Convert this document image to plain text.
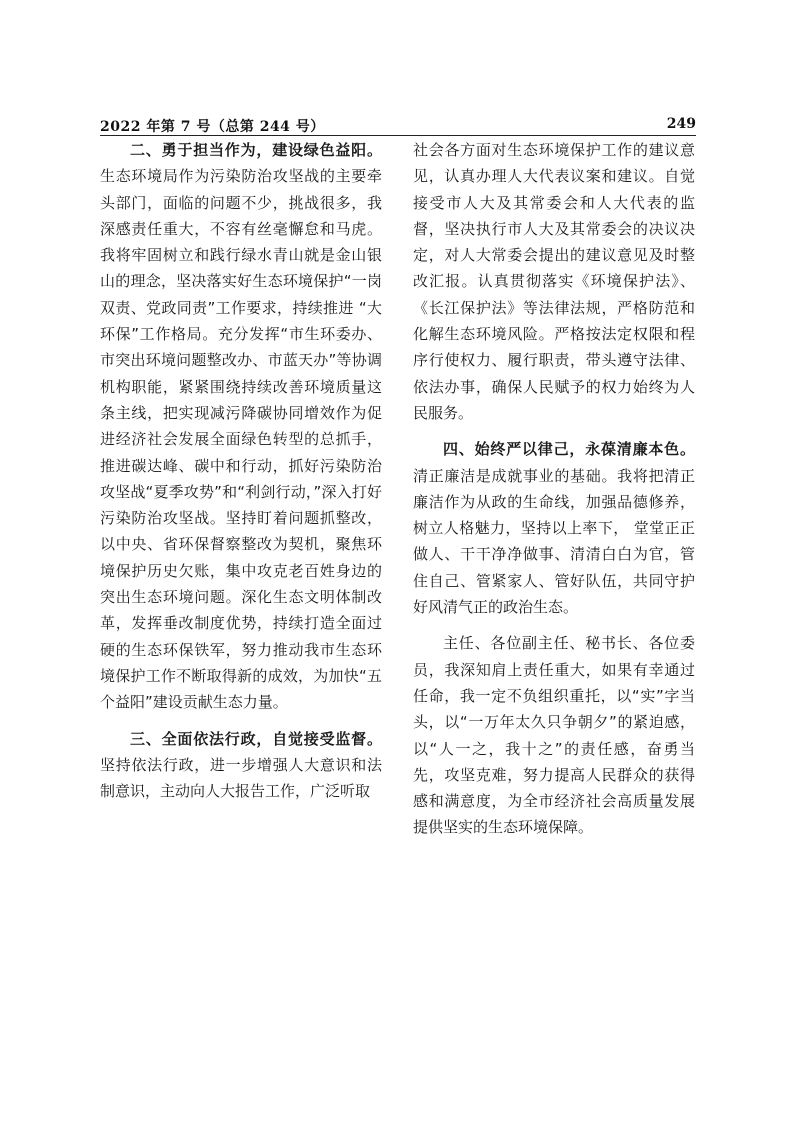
2022 年第 7 号（总第 244 号）	249

二、勇于担当作为，建设绿色益阳。生态环境局作为污染防治攻坚战的主要牵头部门，面临的问题不少，挑战很多，我深感责任重大，不容有丝毫懈怠和马虎。我将牢固树立和践行绿水青山就是金山银山的理念，坚决落实好生态环境保护“一岗双责、党政同责”工作要求，持续推进 “大环保”工作格局。充分发挥“市生环委办、市突出环境问题整改办、市蓝天办”等协调机构职能，紧紧围绕持续改善环境质量这条主线，把实现减污降碳协同增效作为促进经济社会发展全面绿色转型的总抓手，推进碳达峰、碳中和行动，抓好污染防治攻坚战“夏季攻势”和“利剑行动，”深入打好污染防治攻坚战。坚持盯着问题抓整改，以中央、省环保督察整改为契机，聚焦环境保护历史欠账，集中攻克老百姓身边的突出生态环境问题。深化生态文明体制改革，发挥垂改制度优势，持续打造全面过硬的生态环保铁军，努力推动我市生态环境保护工作不断取得新的成效，为加快“五个益阳”建设贡献生态力量。

三、全面依法行政，自觉接受监督。坚持依法行政，进一步增强人大意识和法制意识，主动向人大报告工作，广泛听取

社会各方面对生态环境保护工作的建议意见，认真办理人大代表议案和建议。自觉接受市人大及其常委会和人大代表的监督，坚决执行市人大及其常委会的决议决定，对人大常委会提出的建议意见及时整改汇报。认真贯彻落实《环境保护法》、《长江保护法》等法律法规，严格防范和化解生态环境风险。严格按法定权限和程序行使权力、履行职责，带头遵守法律、依法办事，确保人民赋予的权力始终为人民服务。

四、始终严以律己，永葆清廉本色。清正廉洁是成就事业的基础。我将把清正廉洁作为从政的生命线，加强品德修养，树立人格魅力，坚持以上率下， 堂堂正正做人、干干净净做事、清清白白为官，管住自己、管紧家人、管好队伍，共同守护好风清气正的政治生态。

主任、各位副主任、秘书长、各位委员，我深知肩上责任重大，如果有幸通过任命，我一定不负组织重托，以“实”字当头，以“一万年太久只争朝夕”的紧迫感，以“人一之，我十之”的责任感，奋勇当先，攻坚克难，努力提高人民群众的获得感和满意度，为全市经济社会高质量发展提供坚实的生态环境保障。
